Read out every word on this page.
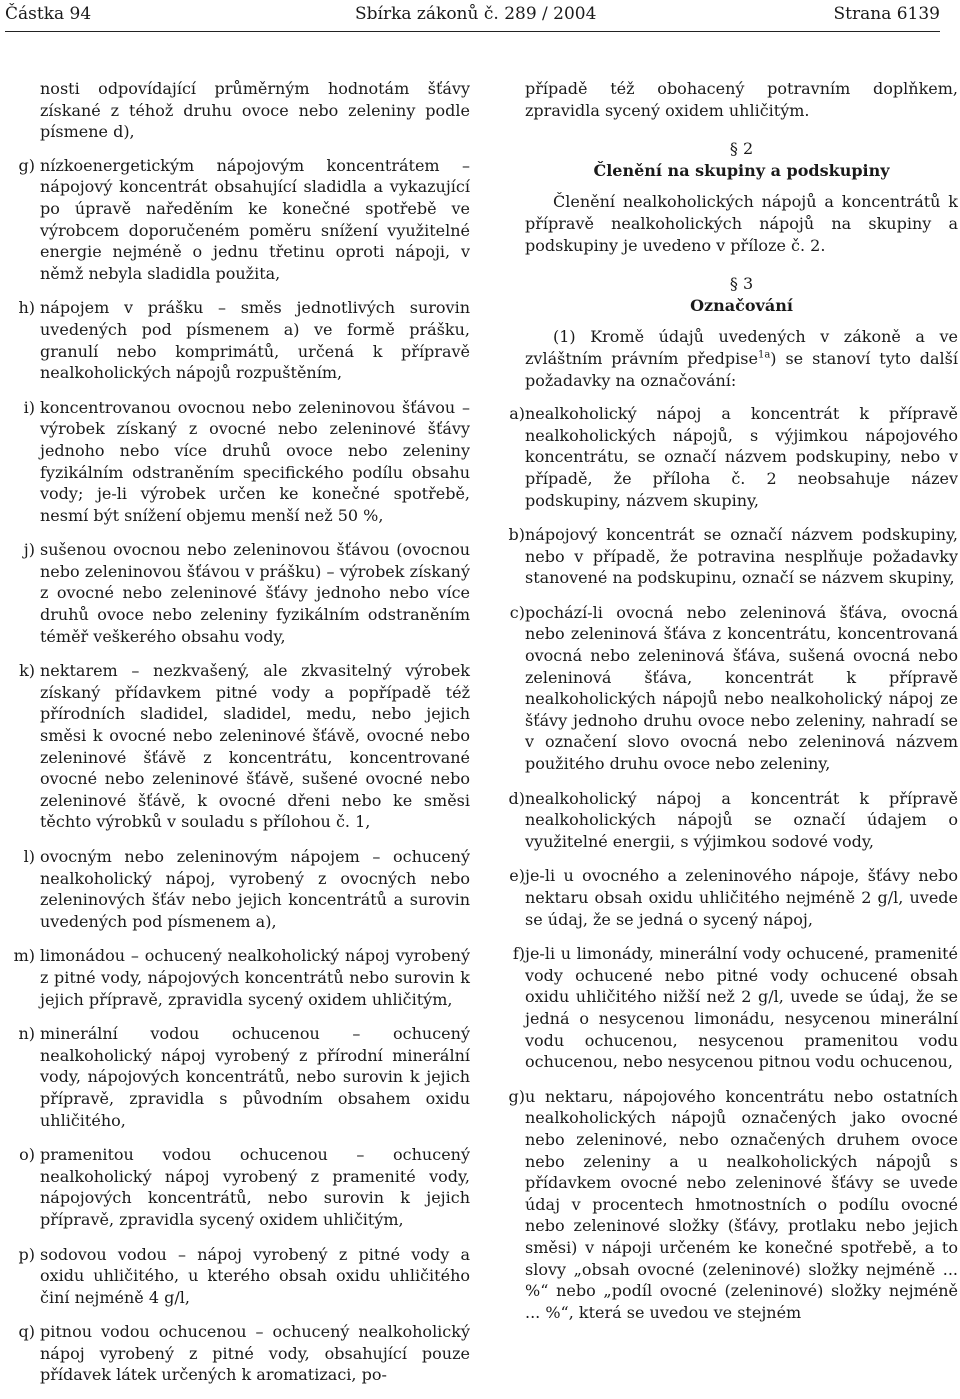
Částka 94	Sbírka zákonů č. 289 / 2004	Strana 6139

nosti odpovídající průměrným hodnotám šťávy získané z téhož druhu ovoce nebo zeleniny podle písmene d),

g) nízkoenergetickým nápojovým koncentrátem – nápojový koncentrát obsahující sladidla a vykazující po úpravě naředěním ke konečné spotřebě ve výrobcem doporučeném poměru snížení využitelné energie nejméně o jednu třetinu oproti nápoji, v němž nebyla sladidla použita,
h) nápojem v prášku – směs jednotlivých surovin uvedených pod písmenem a) ve formě prášku, granulí nebo komprimátů, určená k přípravě nealkoholických nápojů rozpuštěním,
i) koncentrovanou ovocnou nebo zeleninovou šťávou – výrobek získaný z ovocné nebo zeleninové šťávy jednoho nebo více druhů ovoce nebo zeleniny fyzikálním odstraněním specifického podílu obsahu vody; je-li výrobek určen ke konečné spotřebě, nesmí být snížení objemu menší než 50 %,
j) sušenou ovocnou nebo zeleninovou šťávou (ovocnou nebo zeleninovou šťávou v prášku) – výrobek získaný z ovocné nebo zeleninové šťávy jednoho nebo více druhů ovoce nebo zeleniny fyzikálním odstraněním téměř veškerého obsahu vody,
k) nektarem – nezkvašený, ale zkvasitelný výrobek získaný přídavkem pitné vody a popřípadě též přírodních sladidel, sladidel, medu, nebo jejich směsi k ovocné nebo zeleninové šťávě, ovocné nebo zeleninové šťávě z koncentrátu, koncentrované ovocné nebo zeleninové šťávě, sušené ovocné nebo zeleninové šťávě, k ovocné dřeni nebo ke směsi těchto výrobků v souladu s přílohou č. 1,
l) ovocným nebo zeleninovým nápojem – ochucený nealkoholický nápoj, vyrobený z ovocných nebo zeleninových šťáv nebo jejich koncentrátů a surovin uvedených pod písmenem a),
m) limonádou – ochucený nealkoholický nápoj vyrobený z pitné vody, nápojových koncentrátů nebo surovin k jejich přípravě, zpravidla sycený oxidem uhličitým,
n) minerální vodou ochucenou – ochucený nealkoholický nápoj vyrobený z přírodní minerální vody, nápojových koncentrátů, nebo surovin k jejich přípravě, zpravidla s původním obsahem oxidu uhličitého,
o) pramenitou vodou ochucenou – ochucený nealkoholický nápoj vyrobený z pramenité vody, nápojových koncentrátů, nebo surovin k jejich přípravě, zpravidla sycený oxidem uhličitým,
p) sodovou vodou – nápoj vyrobený z pitné vody a oxidu uhličitého, u kterého obsah oxidu uhličitého činí nejméně 4 g/l,
q) pitnou vodou ochucenou – ochucený nealkoholický nápoj vyrobený z pitné vody, obsahující pouze přídavek látek určených k aromatizaci, po-

případě též obohacený potravním doplňkem, zpravidla sycený oxidem uhličitým.

§ 2

Členění na skupiny a podskupiny

Členění nealkoholických nápojů a koncentrátů k přípravě nealkoholických nápojů na skupiny a podskupiny je uvedeno v příloze č. 2.

§ 3

Označování

(1) Kromě údajů uvedených v zákoně a ve zvláštním právním předpise$^{1a}$) se stanoví tyto další požadavky na označování:

a) nealkoholický nápoj a koncentrát k přípravě nealkoholických nápojů, s výjimkou nápojového koncentrátu, se označí názvem podskupiny, nebo v případě, že příloha č. 2 neobsahuje název podskupiny, názvem skupiny,
b) nápojový koncentrát se označí názvem podskupiny, nebo v případě, že potravina nesplňuje požadavky stanovené na podskupinu, označí se názvem skupiny,
c) pochází-li ovocná nebo zeleninová šťáva, ovocná nebo zeleninová šťáva z koncentrátu, koncentrovaná ovocná nebo zeleninová šťáva, sušená ovocná nebo zeleninová šťáva, koncentrát k přípravě nealkoholických nápojů nebo nealkoholický nápoj ze šťávy jednoho druhu ovoce nebo zeleniny, nahradí se v označení slovo ovocná nebo zeleninová názvem použitého druhu ovoce nebo zeleniny,
d) nealkoholický nápoj a koncentrát k přípravě nealkoholických nápojů se označí údajem o využitelné energii, s výjimkou sodové vody,
e) je-li u ovocného a zeleninového nápoje, šťávy nebo nektaru obsah oxidu uhličitého nejméně 2 g/l, uvede se údaj, že se jedná o sycený nápoj,
f) je-li u limonády, minerální vody ochucené, pramenité vody ochucené nebo pitné vody ochucené obsah oxidu uhličitého nižší než 2 g/l, uvede se údaj, že se jedná o nesycenou limonádu, nesycenou minerální vodu ochucenou, nesycenou pramenitou vodu ochucenou, nebo nesycenou pitnou vodu ochucenou,
g) u nektaru, nápojového koncentrátu nebo ostatních nealkoholických nápojů označených jako ovocné nebo zeleninové, nebo označených druhem ovoce nebo zeleniny a u nealkoholických nápojů s přídavkem ovocné nebo zeleninové šťávy se uvede údaj v procentech hmotnostních o podílu ovocné nebo zeleninové složky (šťávy, protlaku nebo jejich směsi) v nápoji určeném ke konečné spotřebě, a to slovy „obsah ovocné (zeleninové) složky nejméně ... %“ nebo „podíl ovocné (zeleninové) složky nejméně ... %“, která se uvedou ve stejném
